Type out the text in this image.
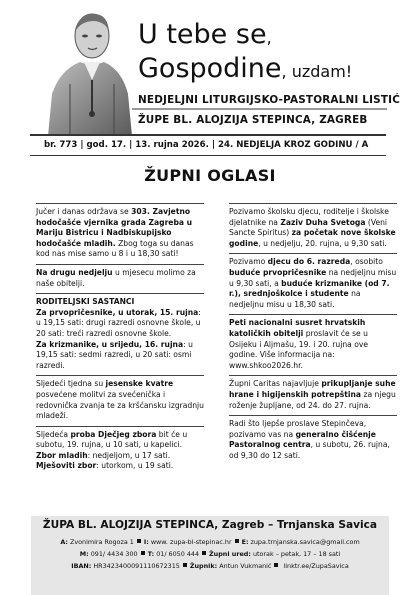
U tebe se,
Gospodine, uzdam!
NEDJELJNI LITURGIJSKO-PASTORALNI LISTIĆ
ŽUPE BL. ALOJZIJA STEPINCA, ZAGREB
br. 773 | god. 17. | 13. rujna 2026. | 24. NEDJELJA KROZ GODINU / A
ŽUPNI OGLASI

Jučer i danas održava se 303. Zavjetno hodočašće vjernika grada Zagreba u Mariju Bistricu i Nadbiskupijsko hodočašće mladih. Zbog toga su danas kod nas mise samo u 8 i u 18,30 sati!

Na drugu nedjelju u mjesecu molimo za naše obitelji.

RODITELJSKI SASTANCI

Za prvopričesnike, u utorak, 15. rujna: u 19,15 sati: drugi razredi osnovne škole, u 20 sati: treći razredi osnovne škole.

Za krizmanike, u srijedu, 16. rujna: u 19,15 sati: sedmi razredi, u 20 sati: osmi razredi.

Sljedeći tjedna su jesenske kvatre posvećene molitvi za svećenička i redovnička zvanja te za kršćansku izgradnju mladeži.

Sljedeća proba Dječjeg zbora bit će u subotu, 19. rujna, u 10 sati, u kapelici.

Zbor mladih: nedjeljom, u 17 sati.

Mješoviti zbor: utorkom, u 19 sati.

Pozivamo školsku djecu, roditelje i školske djelatnike na Zaziv Duha Svetoga (Veni Sancte Spiritus) za početak nove školske godine, u nedjelju, 20. rujna, u 9,30 sati.

Pozivamo djecu do 6. razreda, osobito buduće prvopričesnike na nedjeljnu misu u 9,30 sati, a buduće krizmanike (od 7. r.), srednjoškolce i studente na nedjeljnu misu u 18,30 sati.

Peti nacionalni susret hrvatskih katoličkih obitelji proslavit će se u Osijeku i Aljmašu, 19. i 20. rujna ove godine. Više informacija na: www.shkoo2026.hr.

Župni Caritas najavljuje prikupljanje suhe hrane i higijenskih potrepština za njegu roženje župljane, od 24. do 27. rujna.

Radi što ljepše proslave Stepinčeva, pozivamo vas na generalno čišćenje Pastoralnog centra, u subotu, 26. rujna, od 9,30 do 12 sati.

ŽUPA BL. ALOJZIJA STEPINCA, Zagreb – Trnjanska Savica
A: Zvonimira Rogoza 1 I: www. zupa-bl-stepinac.hr E: zupa.trnjanska.savica@gmail.com
M: 091/ 4434 300 T: 01/ 6050 444 Župni ured: utorak – petak, 17 – 18 sati
IBAN: HR3423400091110672315 Župnik: Antun Vukmanić linktr.ee/ZupaSavica
